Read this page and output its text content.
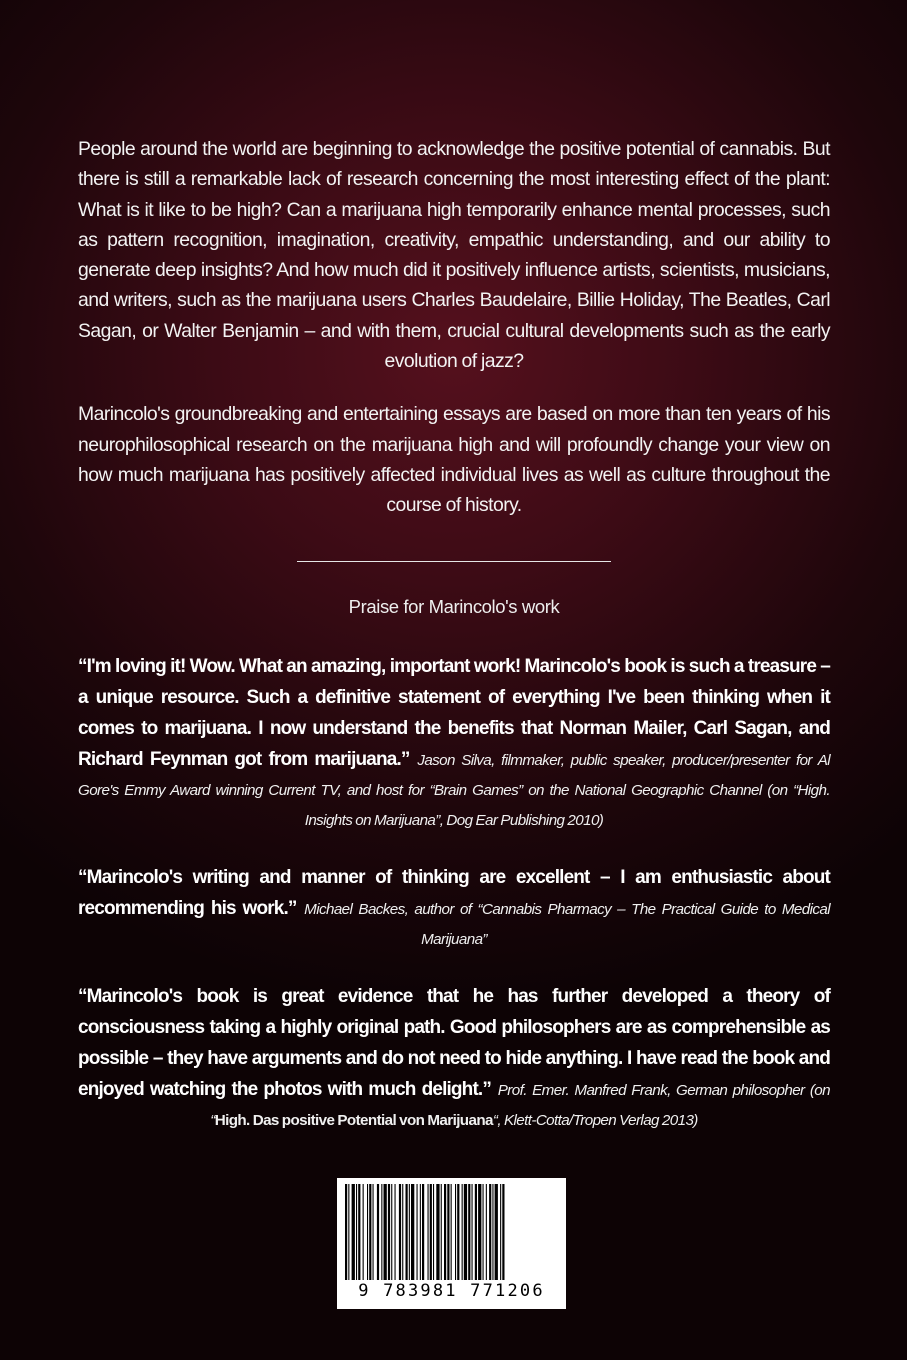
People around the world are beginning to acknowledge the positive potential of cannabis. But there is still a remarkable lack of research concerning the most interesting effect of the plant: What is it like to be high? Can a marijuana high temporarily enhance mental processes, such as pattern recognition, imagination, creativity, empathic understanding, and our ability to generate deep insights? And how much did it positively influence artists, scientists, musicians, and writers, such as the marijuana users Charles Baudelaire, Billie Holiday, The Beatles, Carl Sagan, or Walter Benjamin – and with them, crucial cultural developments such as the early evolution of jazz?

Marincolo's groundbreaking and entertaining essays are based on more than ten years of his neurophilosophical research on the marijuana high and will profoundly change your view on how much marijuana has positively affected individual lives as well as culture throughout the course of history.

Praise for Marincolo's work
“I'm loving it! Wow. What an amazing, important work! Marincolo's book is such a treasure – a unique resource. Such a definitive statement of everything I've been thinking when it comes to marijuana. I now understand the benefits that Norman Mailer, Carl Sagan, and Richard Feynman got from marijuana.” Jason Silva, filmmaker, public speaker, producer/presenter for Al Gore's Emmy Award winning Current TV, and host for “Brain Games” on the National Geographic Channel (on “High. Insights on Marijuana”, Dog Ear Publishing 2010)
“Marincolo's writing and manner of thinking are excellent – I am enthusiastic about recommending his work.” Michael Backes, author of “Cannabis Pharmacy – The Practical Guide to Medical Marijuana”
“Marincolo's book is great evidence that he has further developed a theory of consciousness taking a highly original path. Good philosophers are as comprehensible as possible – they have arguments and do not need to hide anything. I have read the book and enjoyed watching the photos with much delight.” Prof. Emer. Manfred Frank, German philosopher (on “High. Das positive Potential von Marijuana“, Klett-Cotta/Tropen Verlag 2013)
9 783981 771206
